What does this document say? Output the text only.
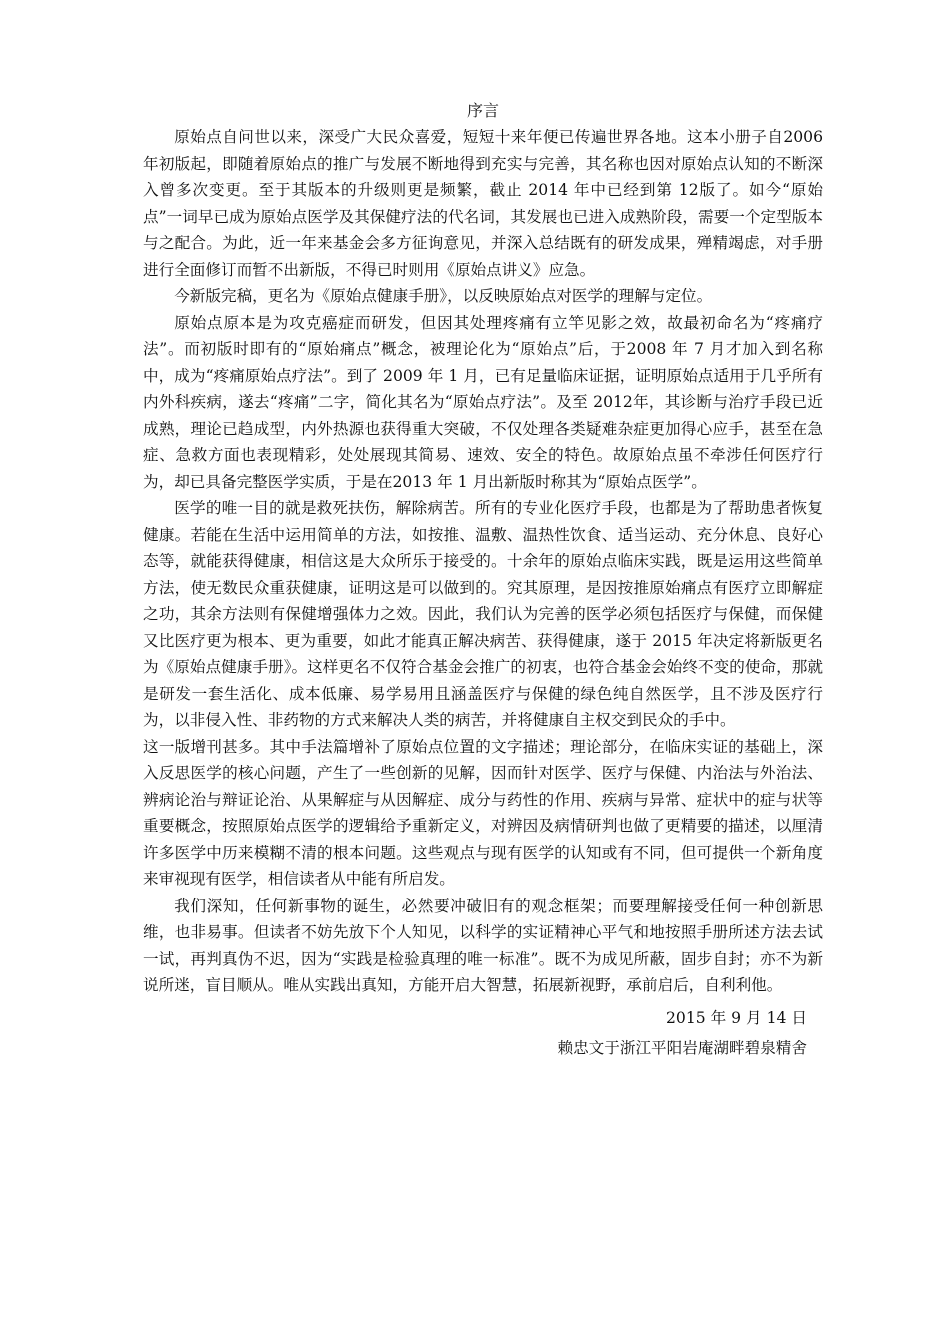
序言

原始点自问世以来，深受广大民众喜爱，短短十来年便已传遍世界各地。这本小册子自2006 年初版起，即随着原始点的推广与发展不断地得到充实与完善，其名称也因对原始点认知的不断深入曾多次变更。至于其版本的升级则更是频繁，截止 2014 年中已经到第 12版了。如今“原始点”一词早已成为原始点医学及其保健疗法的代名词，其发展也已进入成熟阶段，需要一个定型版本与之配合。为此，近一年来基金会多方征询意见，并深入总结既有的研发成果，殚精竭虑，对手册进行全面修订而暂不出新版，不得已时则用《原始点讲义》应急。

今新版完稿，更名为《原始点健康手册》，以反映原始点对医学的理解与定位。

原始点原本是为攻克癌症而研发，但因其处理疼痛有立竿见影之效，故最初命名为“疼痛疗法”。而初版时即有的“原始痛点”概念，被理论化为“原始点”后，于2008 年 7 月才加入到名称中，成为“疼痛原始点疗法”。到了 2009 年 1 月，已有足量临床证据，证明原始点适用于几乎所有内外科疾病，遂去“疼痛”二字，简化其名为“原始点疗法”。及至 2012年，其诊断与治疗手段已近成熟，理论已趋成型，内外热源也获得重大突破，不仅处理各类疑难杂症更加得心应手，甚至在急症、急救方面也表现精彩，处处展现其简易、速效、安全的特色。故原始点虽不牵涉任何医疗行为，却已具备完整医学实质，于是在2013 年 1 月出新版时称其为“原始点医学”。

医学的唯一目的就是救死扶伤，解除病苦。所有的专业化医疗手段，也都是为了帮助患者恢复健康。若能在生活中运用简单的方法，如按推、温敷、温热性饮食、适当运动、充分休息、良好心态等，就能获得健康，相信这是大众所乐于接受的。十余年的原始点临床实践，既是运用这些简单方法，使无数民众重获健康，证明这是可以做到的。究其原理，是因按推原始痛点有医疗立即解症之功，其余方法则有保健增强体力之效。因此，我们认为完善的医学必须包括医疗与保健，而保健又比医疗更为根本、更为重要，如此才能真正解决病苦、获得健康，遂于 2015 年决定将新版更名为《原始点健康手册》。这样更名不仅符合基金会推广的初衷，也符合基金会始终不变的使命，那就是研发一套生活化、成本低廉、易学易用且涵盖医疗与保健的绿色纯自然医学，且不涉及医疗行为，以非侵入性、非药物的方式来解决人类的病苦，并将健康自主权交到民众的手中。

这一版增刊甚多。其中手法篇增补了原始点位置的文字描述；理论部分，在临床实证的基础上，深入反思医学的核心问题，产生了一些创新的见解，因而针对医学、医疗与保健、内治法与外治法、辨病论治与辩证论治、从果解症与从因解症、成分与药性的作用、疾病与异常、症状中的症与状等重要概念，按照原始点医学的逻辑给予重新定义，对辨因及病情研判也做了更精要的描述，以厘清许多医学中历来模糊不清的根本问题。这些观点与现有医学的认知或有不同，但可提供一个新角度来审视现有医学，相信读者从中能有所启发。

我们深知，任何新事物的诞生，必然要冲破旧有的观念框架；而要理解接受任何一种创新思维，也非易事。但读者不妨先放下个人知见，以科学的实证精神心平气和地按照手册所述方法去试一试，再判真伪不迟，因为“实践是检验真理的唯一标准”。既不为成见所蔽，固步自封；亦不为新说所迷，盲目顺从。唯从实践出真知，方能开启大智慧，拓展新视野，承前启后，自利利他。

2015 年 9 月 14 日

赖忠文于浙江平阳岩庵湖畔碧泉精舍
